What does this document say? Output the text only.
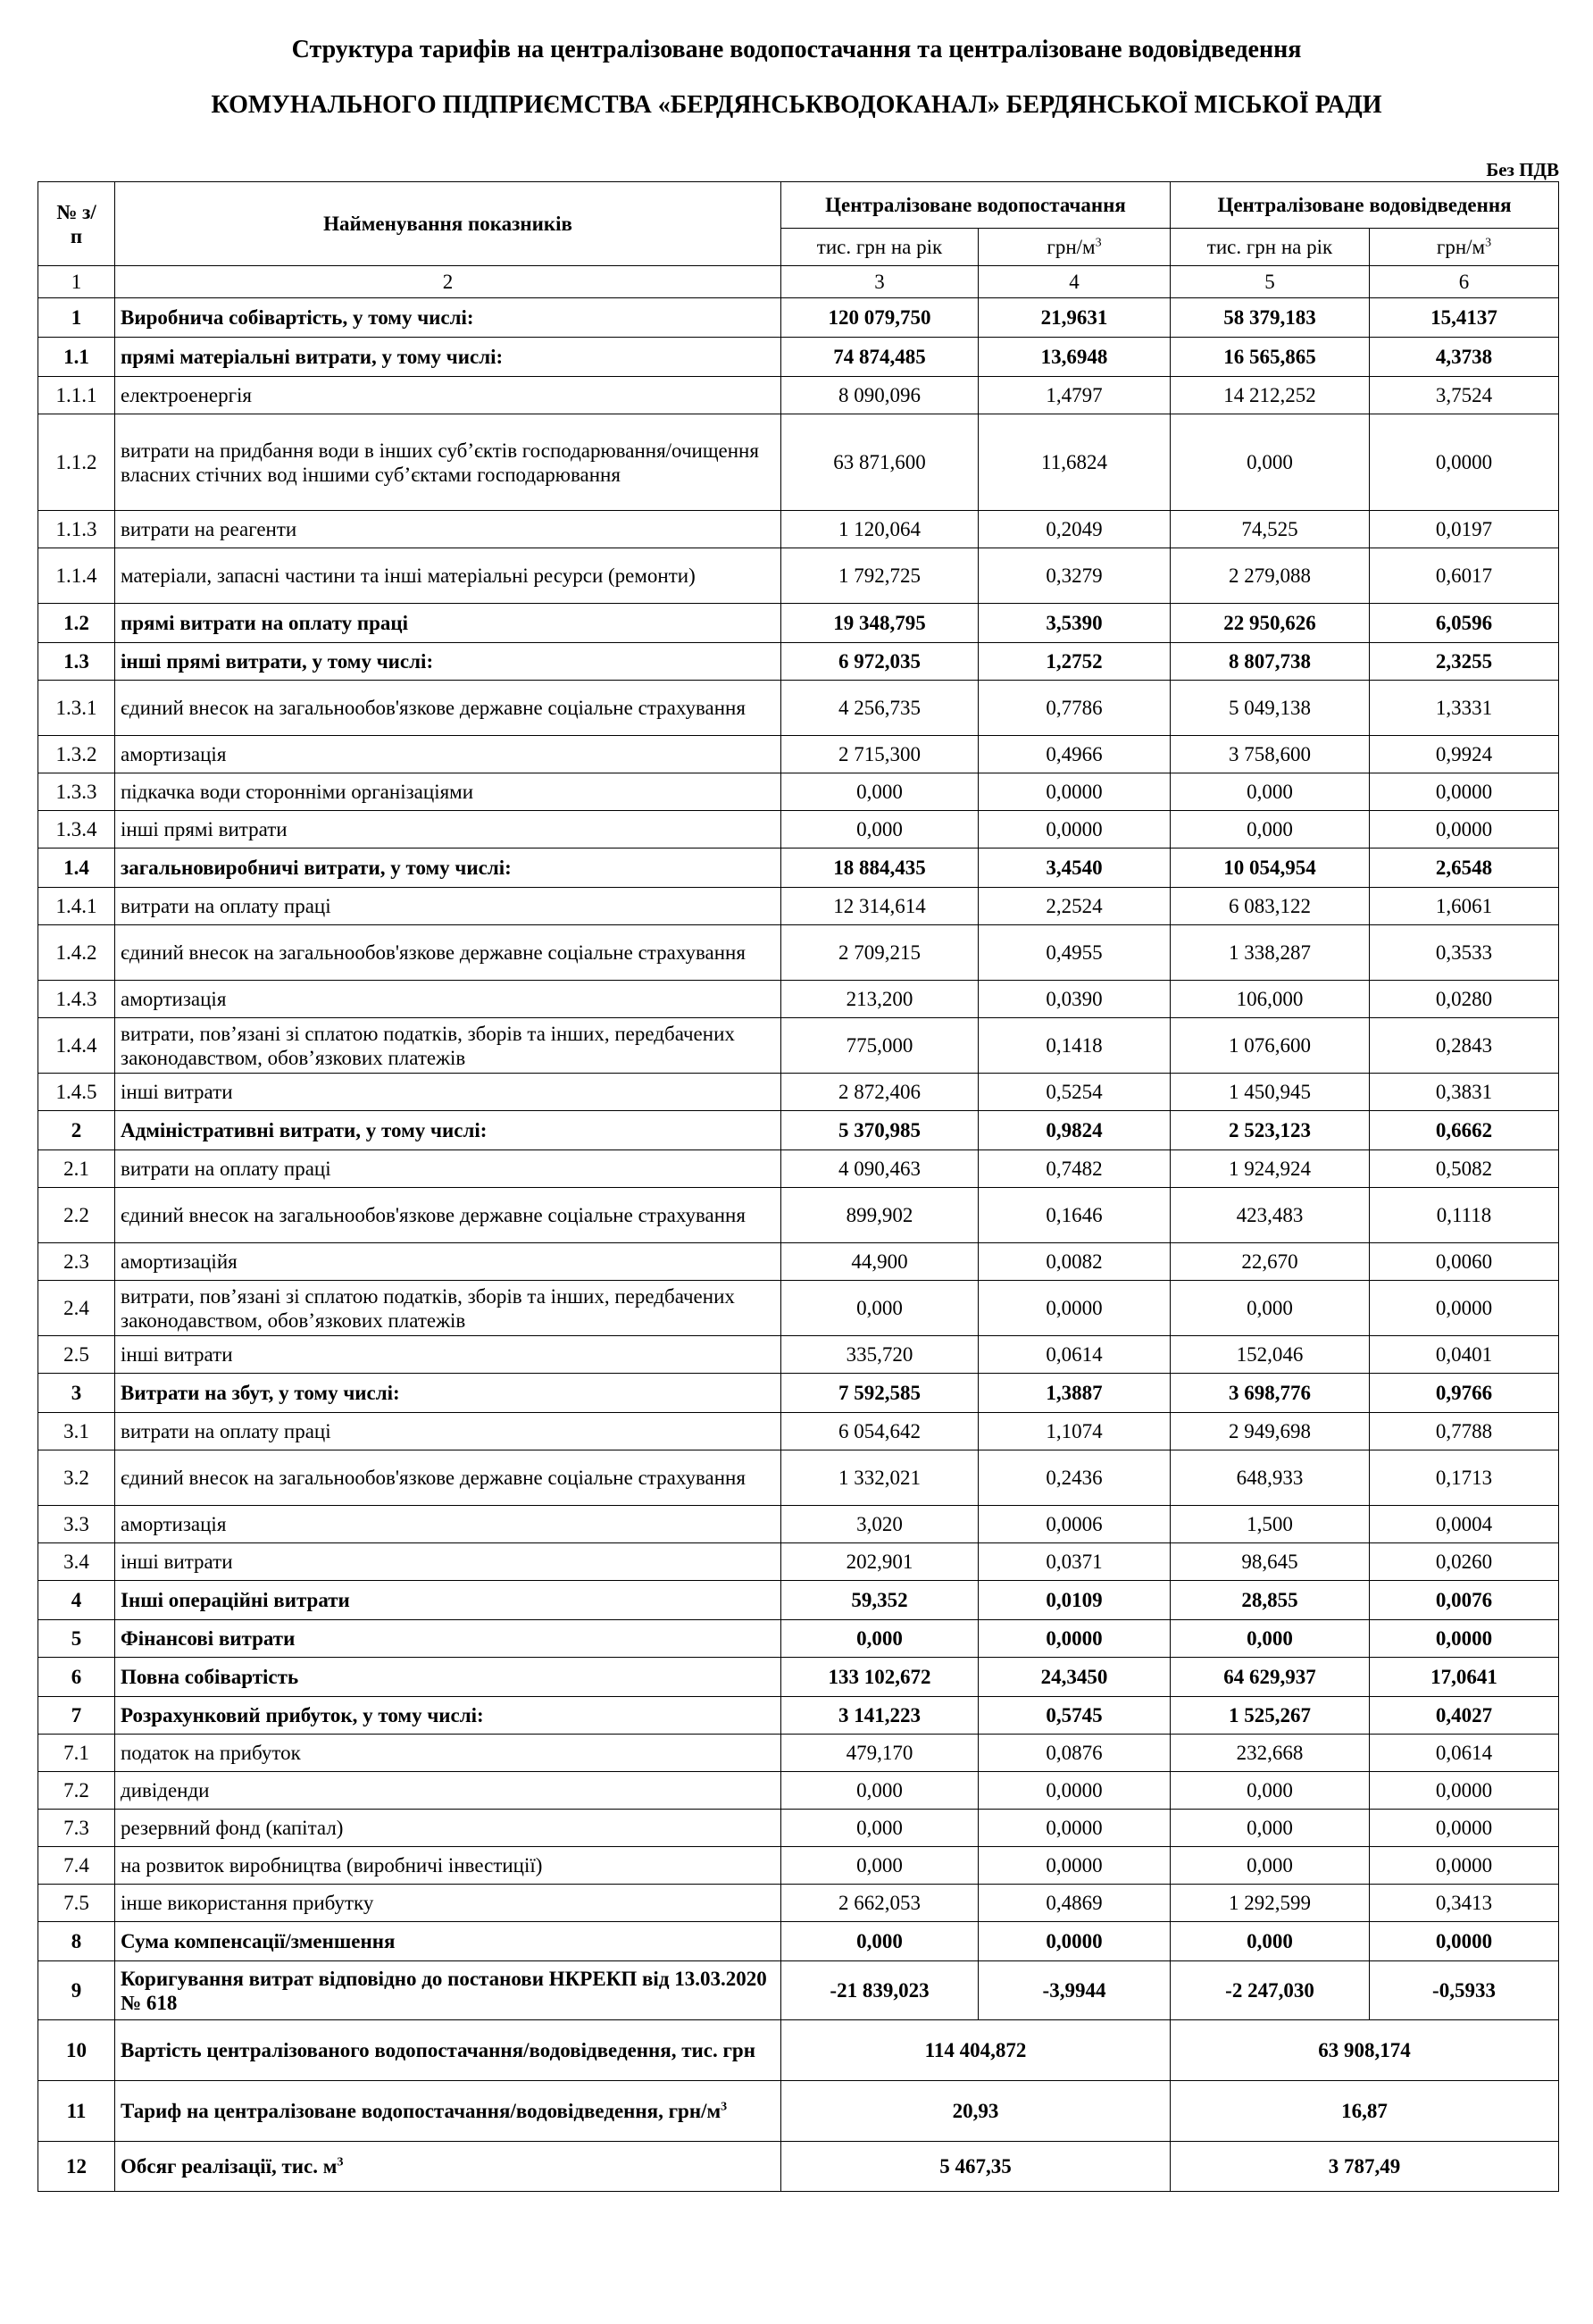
Структура тарифів на централізоване водопостачання та централізоване водовідведення
КОМУНАЛЬНОГО ПІДПРИЄМСТВА «БЕРДЯНСЬКВОДОКАНАЛ» БЕРДЯНСЬКОЇ МІСЬКОЇ РАДИ
Без ПДВ
№ з/п	Найменування показників	Централізоване водопостачання		Централізоване водовідведення	
		тис. грн на рік	грн/$м^3$	тис. грн на рік	грн/$м^3$
1	2	3	4	5	6
1	Виробнича собівартість, у тому числі:	120 079,750	21,9631	58 379,183	15,4137
1.1	прямі матеріальні витрати, у тому числі:	74 874,485	13,6948	16 565,865	4,3738
1.1.1	електроенергія	8 090,096	1,4797	14 212,252	3,7524
1.1.2	витрати на придбання води в інших суб’єктів господарювання/очищення власних стічних вод іншими суб’єктами господарювання	63 871,600	11,6824	0,000	0,0000
1.1.3	витрати на реагенти	1 120,064	0,2049	74,525	0,0197
1.1.4	матеріали, запасні частини та інші матеріальні ресурси (ремонти)	1 792,725	0,3279	2 279,088	0,6017
1.2	прямі витрати на оплату праці	19 348,795	3,5390	22 950,626	6,0596
1.3	інші прямі витрати, у тому числі:	6 972,035	1,2752	8 807,738	2,3255
1.3.1	єдиний внесок на загальнообов'язкове державне соціальне страхування	4 256,735	0,7786	5 049,138	1,3331
1.3.2	амортизація	2 715,300	0,4966	3 758,600	0,9924
1.3.3	підкачка води сторонніми організаціями	0,000	0,0000	0,000	0,0000
1.3.4	інші прямі витрати	0,000	0,0000	0,000	0,0000
1.4	загальновиробничі витрати, у тому числі:	18 884,435	3,4540	10 054,954	2,6548
1.4.1	витрати на оплату праці	12 314,614	2,2524	6 083,122	1,6061
1.4.2	єдиний внесок на загальнообов'язкове державне соціальне страхування	2 709,215	0,4955	1 338,287	0,3533
1.4.3	амортизація	213,200	0,0390	106,000	0,0280
1.4.4	витрати, пов’язані зі сплатою податків, зборів та інших, передбачених законодавством, обов’язкових платежів	775,000	0,1418	1 076,600	0,2843
1.4.5	інші витрати	2 872,406	0,5254	1 450,945	0,3831
2	Адміністративні витрати, у тому числі:	5 370,985	0,9824	2 523,123	0,6662
2.1	витрати на оплату праці	4 090,463	0,7482	1 924,924	0,5082
2.2	єдиний внесок на загальнообов'язкове державне соціальне страхування	899,902	0,1646	423,483	0,1118
2.3	амортизаційя	44,900	0,0082	22,670	0,0060
2.4	витрати, пов’язані зі сплатою податків, зборів та інших, передбачених законодавством, обов’язкових платежів	0,000	0,0000	0,000	0,0000
2.5	інші витрати	335,720	0,0614	152,046	0,0401
3	Витрати на збут, у тому числі:	7 592,585	1,3887	3 698,776	0,9766
3.1	витрати на оплату праці	6 054,642	1,1074	2 949,698	0,7788
3.2	єдиний внесок на загальнообов'язкове державне соціальне страхування	1 332,021	0,2436	648,933	0,1713
3.3	амортизація	3,020	0,0006	1,500	0,0004
3.4	інші витрати	202,901	0,0371	98,645	0,0260
4	Інші операційні витрати	59,352	0,0109	28,855	0,0076
5	Фінансові витрати	0,000	0,0000	0,000	0,0000
6	Повна собівартість	133 102,672	24,3450	64 629,937	17,0641
7	Розрахунковий прибуток, у тому числі:	3 141,223	0,5745	1 525,267	0,4027
7.1	податок на прибуток	479,170	0,0876	232,668	0,0614
7.2	дивіденди	0,000	0,0000	0,000	0,0000
7.3	резервний фонд (капітал)	0,000	0,0000	0,000	0,0000
7.4	на розвиток виробництва (виробничі інвестиції)	0,000	0,0000	0,000	0,0000
7.5	інше використання прибутку	2 662,053	0,4869	1 292,599	0,3413
8	Сума компенсації/зменшення	0,000	0,0000	0,000	0,0000
9	Коригування витрат відповідно до постанови НКРЕКП від 13.03.2020 № 618	-21 839,023	-3,9944	-2 247,030	-0,5933
10	Вартість централізованого водопостачання/водовідведення, тис. грн	114 404,872		63 908,174	
11	Тариф на централізоване водопостачання/водовідведення, грн/$м^3$	20,93		16,87	
12	Обсяг реалізації, тис. $м^3$	5 467,35		3 787,49	
